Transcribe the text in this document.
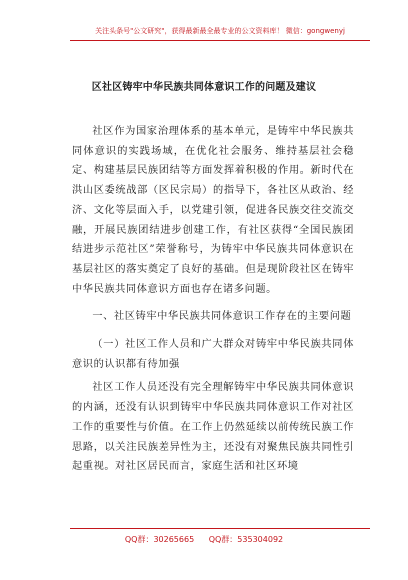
关注头条号"公文研究"，获得最新最全最专业的公文资料库！ 微信：gongwenyj
区社区铸牢中华民族共同体意识工作的问题及建议

社区作为国家治理体系的基本单元，是铸牢中华民族共同体意识的实践场域，在优化社会服务、维持基层社会稳定、构建基层民族团结等方面发挥着积极的作用。新时代在洪山区委统战部（区民宗局）的指导下，各社区从政治、经济、文化等层面入手，以党建引领，促进各民族交往交流交融，开展民族团结进步创建工作，有社区获得“全国民族团结进步示范社区”荣誉称号，为铸牢中华民族共同体意识在基层社区的落实奠定了良好的基础。但是现阶段社区在铸牢中华民族共同体意识方面也存在诸多问题。

一、社区铸牢中华民族共同体意识工作存在的主要问题

（一）社区工作人员和广大群众对铸牢中华民族共同体意识的认识都有待加强

社区工作人员还没有完全理解铸牢中华民族共同体意识的内涵，还没有认识到铸牢中华民族共同体意识工作对社区工作的重要性与价值。在工作上仍然延续以前传统民族工作思路，以关注民族差异性为主，还没有对聚焦民族共同性引起重视。对社区居民而言，家庭生活和社区环境

QQ群：30265665 QQ群：535304092
